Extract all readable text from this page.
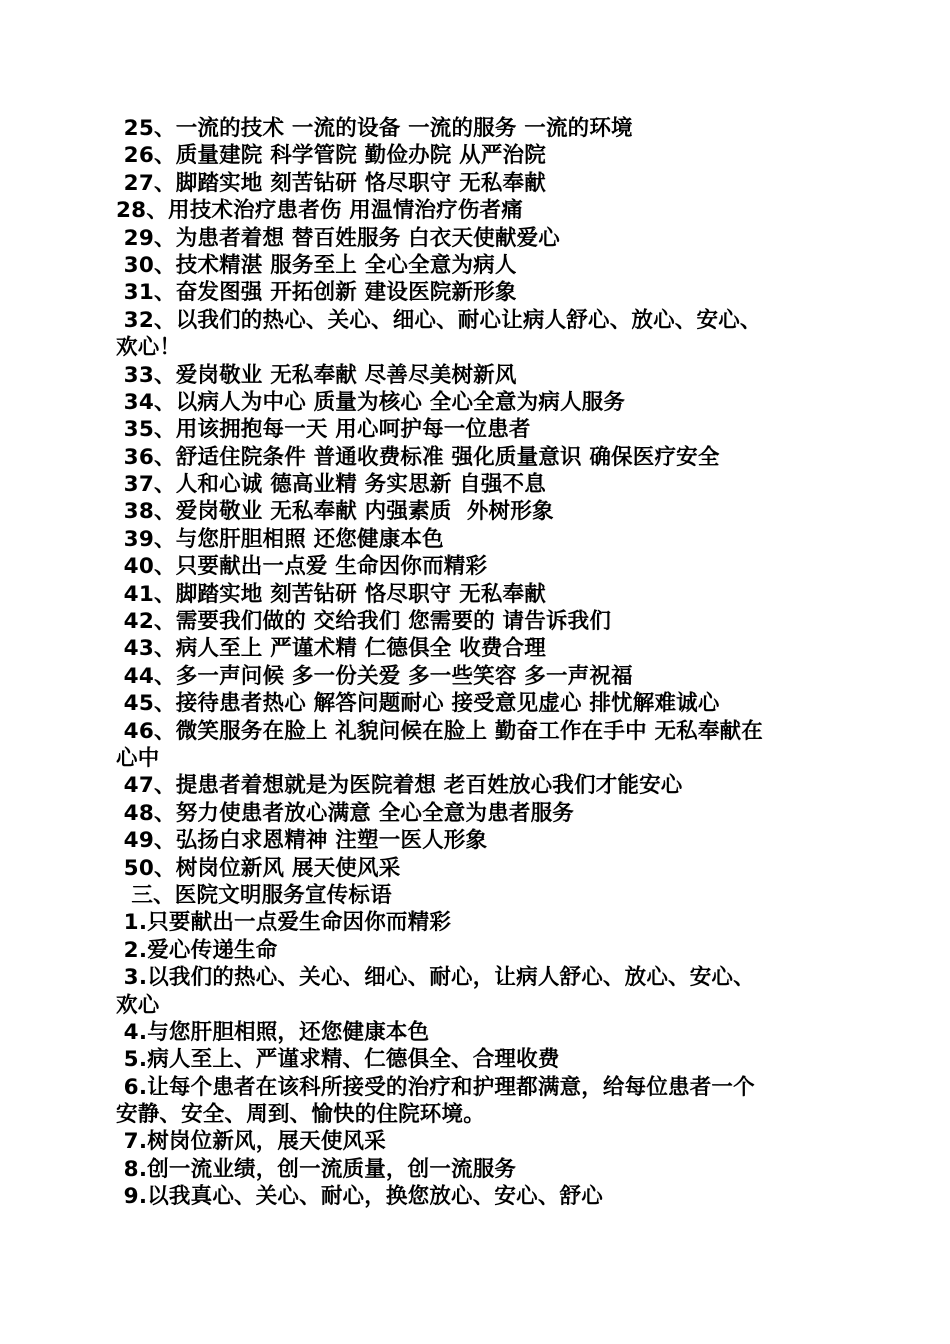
25、一流的技术 一流的设备 一流的服务 一流的环境

26、质量建院 科学管院 勤俭办院 从严治院

27、脚踏实地 刻苦钻研 恪尽职守 无私奉献

28、用技术治疗患者伤 用温情治疗伤者痛

29、为患者着想 替百姓服务 白衣天使献爱心

30、技术精湛 服务至上 全心全意为病人

31、奋发图强 开拓创新 建设医院新形象

32、以我们的热心、关心、细心、耐心让病人舒心、放心、安心、

欢心！

33、爱岗敬业 无私奉献 尽善尽美树新风

34、以病人为中心 质量为核心 全心全意为病人服务

35、用该拥抱每一天 用心呵护每一位患者

36、舒适住院条件 普通收费标准 强化质量意识 确保医疗安全

37、人和心诚 德高业精 务实思新 自强不息

38、爱岗敬业 无私奉献 内强素质  外树形象

39、与您肝胆相照 还您健康本色

40、只要献出一点爱 生命因你而精彩

41、脚踏实地 刻苦钻研 恪尽职守 无私奉献

42、需要我们做的 交给我们 您需要的 请告诉我们

43、病人至上 严谨术精 仁德俱全 收费合理

44、多一声问候 多一份关爱 多一些笑容 多一声祝福

45、接待患者热心 解答问题耐心 接受意见虚心 排忧解难诚心

46、微笑服务在脸上 礼貌问候在脸上 勤奋工作在手中 无私奉献在

心中

47、提患者着想就是为医院着想 老百姓放心我们才能安心

48、努力使患者放心满意 全心全意为患者服务

49、弘扬白求恩精神 注塑一医人形象

50、树岗位新风 展天使风采

三、医院文明服务宣传标语

1.只要献出一点爱生命因你而精彩

2.爱心传递生命

3.以我们的热心、关心、细心、耐心，让病人舒心、放心、安心、

欢心

4.与您肝胆相照，还您健康本色

5.病人至上、严谨求精、仁德俱全、合理收费

6.让每个患者在该科所接受的治疗和护理都满意，给每位患者一个

安静、安全、周到、愉快的住院环境。

7.树岗位新风，展天使风采

8.创一流业绩，创一流质量，创一流服务

9.以我真心、关心、耐心，换您放心、安心、舒心
